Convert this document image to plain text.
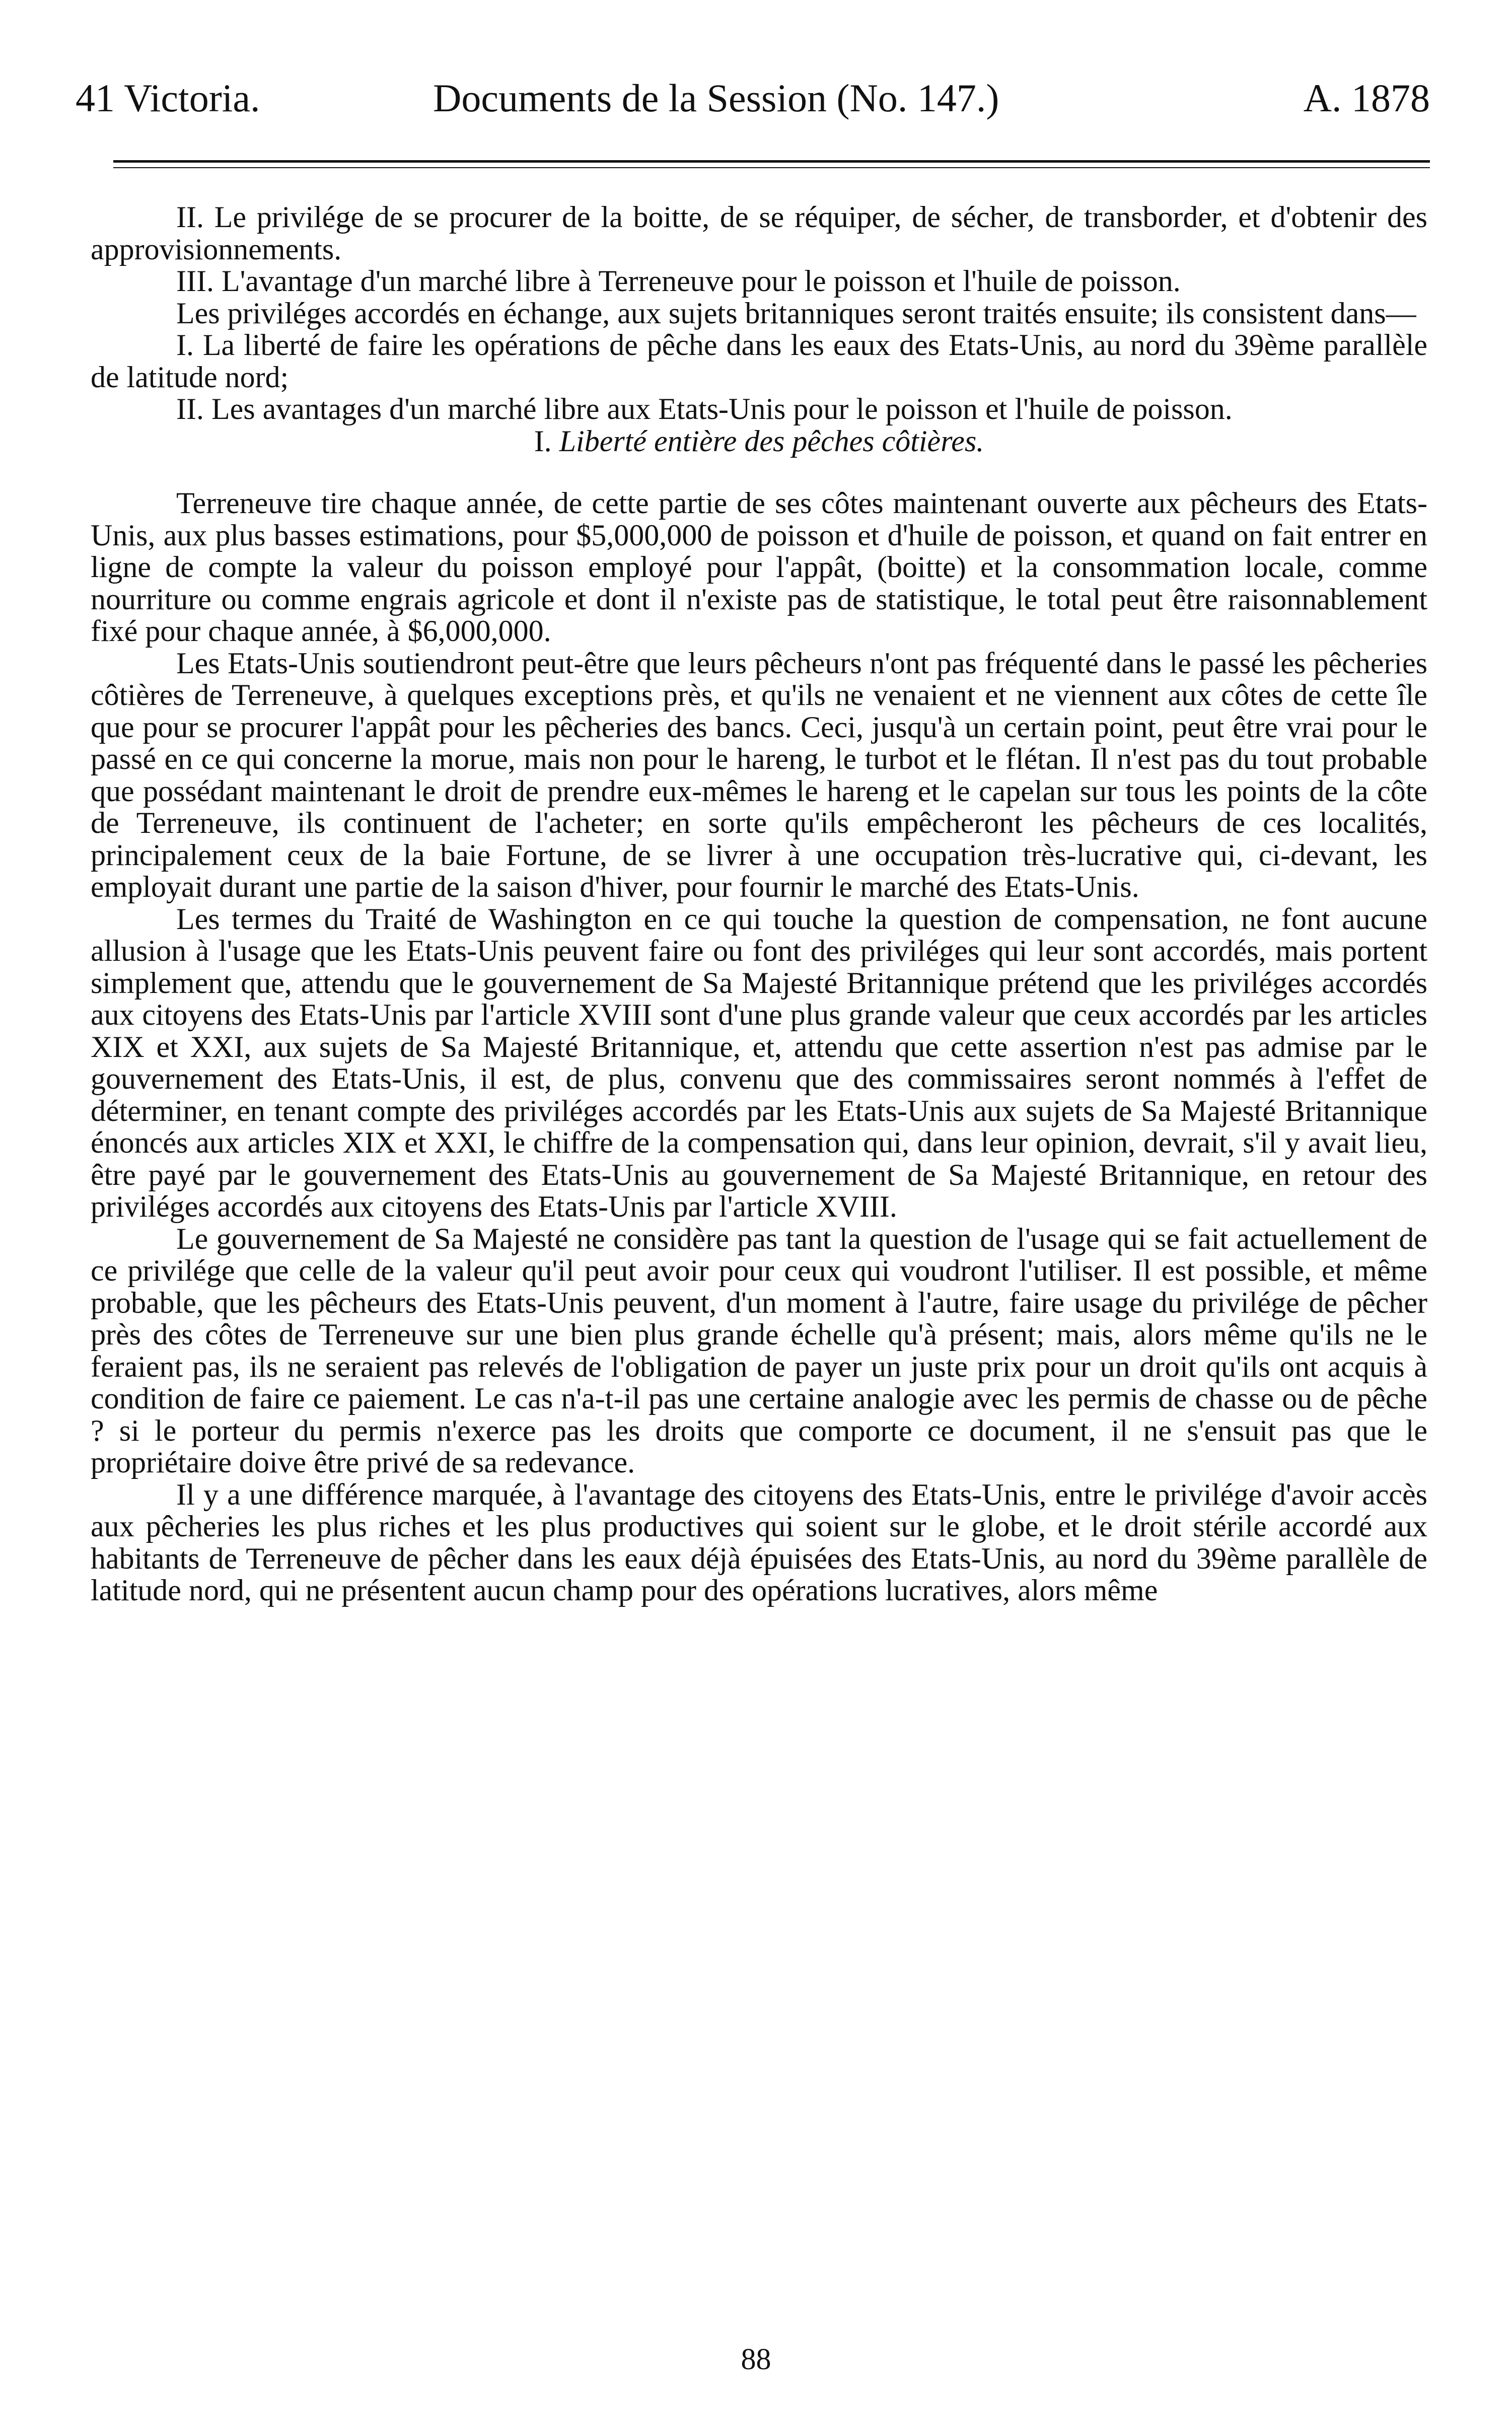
41 Victoria.	Documents de la Session (No. 147.)	A. 1878

II. Le privilége de se procurer de la boitte, de se réquiper, de sécher, de transborder, et d'obtenir des approvisionnements.

III. L'avantage d'un marché libre à Terreneuve pour le poisson et l'huile de poisson.

Les priviléges accordés en échange, aux sujets britanniques seront traités ensuite; ils consistent dans—

I. La liberté de faire les opérations de pêche dans les eaux des Etats-Unis, au nord du 39ème parallèle de latitude nord;

II. Les avantages d'un marché libre aux Etats-Unis pour le poisson et l'huile de poisson.

I. Liberté entière des pêches côtières.

Terreneuve tire chaque année, de cette partie de ses côtes maintenant ouverte aux pêcheurs des Etats-Unis, aux plus basses estimations, pour $5,000,000 de poisson et d'huile de poisson, et quand on fait entrer en ligne de compte la valeur du poisson employé pour l'appât, (boitte) et la consommation locale, comme nourriture ou comme engrais agricole et dont il n'existe pas de statistique, le total peut être raisonnablement fixé pour chaque année, à $6,000,000.

Les Etats-Unis soutiendront peut-être que leurs pêcheurs n'ont pas fréquenté dans le passé les pêcheries côtières de Terreneuve, à quelques exceptions près, et qu'ils ne venaient et ne viennent aux côtes de cette île que pour se procurer l'appât pour les pêcheries des bancs. Ceci, jusqu'à un certain point, peut être vrai pour le passé en ce qui concerne la morue, mais non pour le hareng, le turbot et le flétan. Il n'est pas du tout probable que possédant maintenant le droit de prendre eux-mêmes le hareng et le capelan sur tous les points de la côte de Terreneuve, ils continuent de l'acheter; en sorte qu'ils empêcheront les pêcheurs de ces localités, principalement ceux de la baie Fortune, de se livrer à une occupation très-lucrative qui, ci-devant, les employait durant une partie de la saison d'hiver, pour fournir le marché des Etats-Unis.

Les termes du Traité de Washington en ce qui touche la question de compensation, ne font aucune allusion à l'usage que les Etats-Unis peuvent faire ou font des priviléges qui leur sont accordés, mais portent simplement que, attendu que le gouvernement de Sa Majesté Britannique prétend que les priviléges accordés aux citoyens des Etats-Unis par l'article XVIII sont d'une plus grande valeur que ceux accordés par les articles XIX et XXI, aux sujets de Sa Majesté Britannique, et, attendu que cette assertion n'est pas admise par le gouvernement des Etats-Unis, il est, de plus, convenu que des commissaires seront nommés à l'effet de déterminer, en tenant compte des priviléges accordés par les Etats-Unis aux sujets de Sa Majesté Britannique énoncés aux articles XIX et XXI, le chiffre de la compensation qui, dans leur opinion, devrait, s'il y avait lieu, être payé par le gouvernement des Etats-Unis au gouvernement de Sa Majesté Britannique, en retour des priviléges accordés aux citoyens des Etats-Unis par l'article XVIII.

Le gouvernement de Sa Majesté ne considère pas tant la question de l'usage qui se fait actuellement de ce privilége que celle de la valeur qu'il peut avoir pour ceux qui voudront l'utiliser. Il est possible, et même probable, que les pêcheurs des Etats-Unis peuvent, d'un moment à l'autre, faire usage du privilége de pêcher près des côtes de Terreneuve sur une bien plus grande échelle qu'à présent; mais, alors même qu'ils ne le feraient pas, ils ne seraient pas relevés de l'obligation de payer un juste prix pour un droit qu'ils ont acquis à condition de faire ce paiement. Le cas n'a-t-il pas une certaine analogie avec les permis de chasse ou de pêche ? si le porteur du permis n'exerce pas les droits que comporte ce document, il ne s'ensuit pas que le propriétaire doive être privé de sa redevance.

Il y a une différence marquée, à l'avantage des citoyens des Etats-Unis, entre le privilége d'avoir accès aux pêcheries les plus riches et les plus productives qui soient sur le globe, et le droit stérile accordé aux habitants de Terreneuve de pêcher dans les eaux déjà épuisées des Etats-Unis, au nord du 39ème parallèle de latitude nord, qui ne présentent aucun champ pour des opérations lucratives, alors même

88
